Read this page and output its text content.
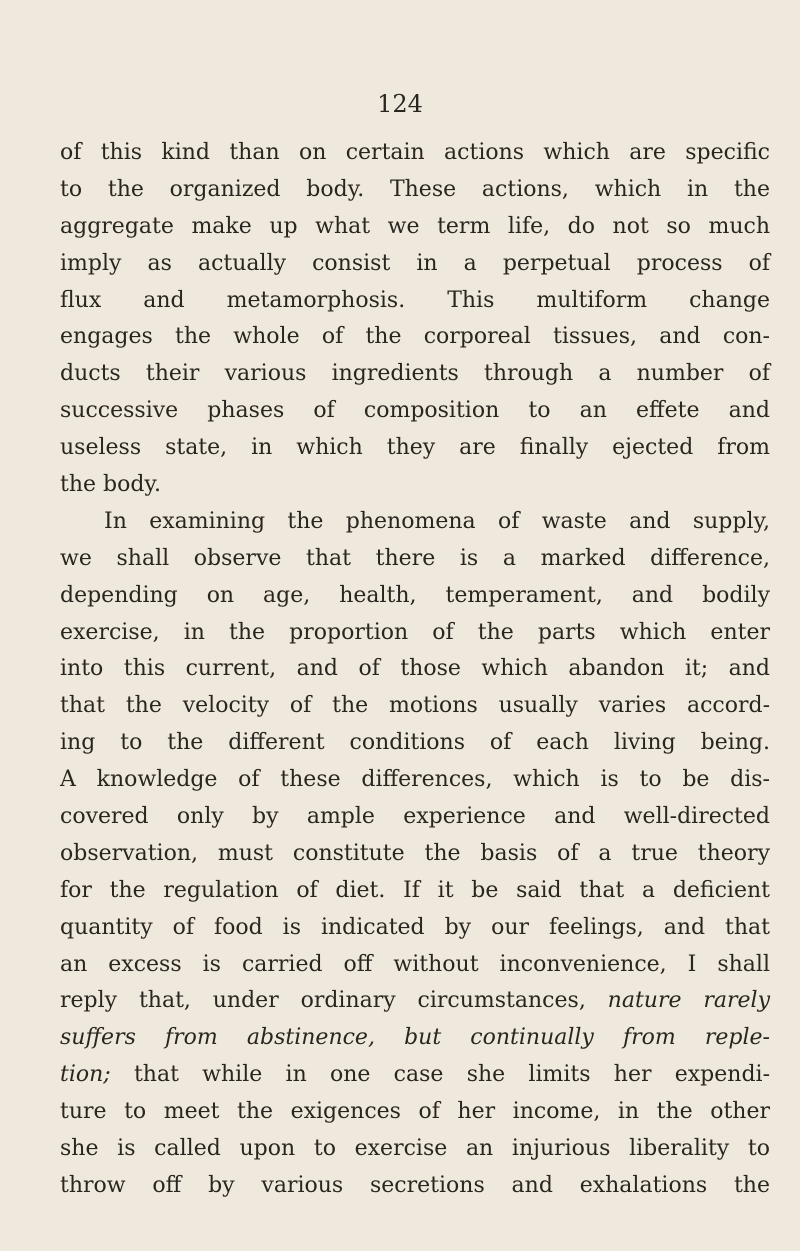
124
of this kind than on certain actions which are specific
to the organized body. These actions, which in the
aggregate make up what we term life, do not so much
imply as actually consist in a perpetual process of
flux and metamorphosis. This multiform change
engages the whole of the corporeal tissues, and con-
ducts their various ingredients through a number of
successive phases of composition to an effete and
useless state, in which they are finally ejected from
the body.
In examining the phenomena of waste and supply,
we shall observe that there is a marked difference,
depending on age, health, temperament, and bodily
exercise, in the proportion of the parts which enter
into this current, and of those which abandon it; and
that the velocity of the motions usually varies accord-
ing to the different conditions of each living being.
A knowledge of these differences, which is to be dis-
covered only by ample experience and well-directed
observation, must constitute the basis of a true theory
for the regulation of diet. If it be said that a deficient
quantity of food is indicated by our feelings, and that
an excess is carried off without inconvenience, I shall
reply that, under ordinary circumstances, nature rarely
suffers from abstinence, but continually from reple-
tion; that while in one case she limits her expendi-
ture to meet the exigences of her income, in the other
she is called upon to exercise an injurious liberality to
throw off by various secretions and exhalations the
